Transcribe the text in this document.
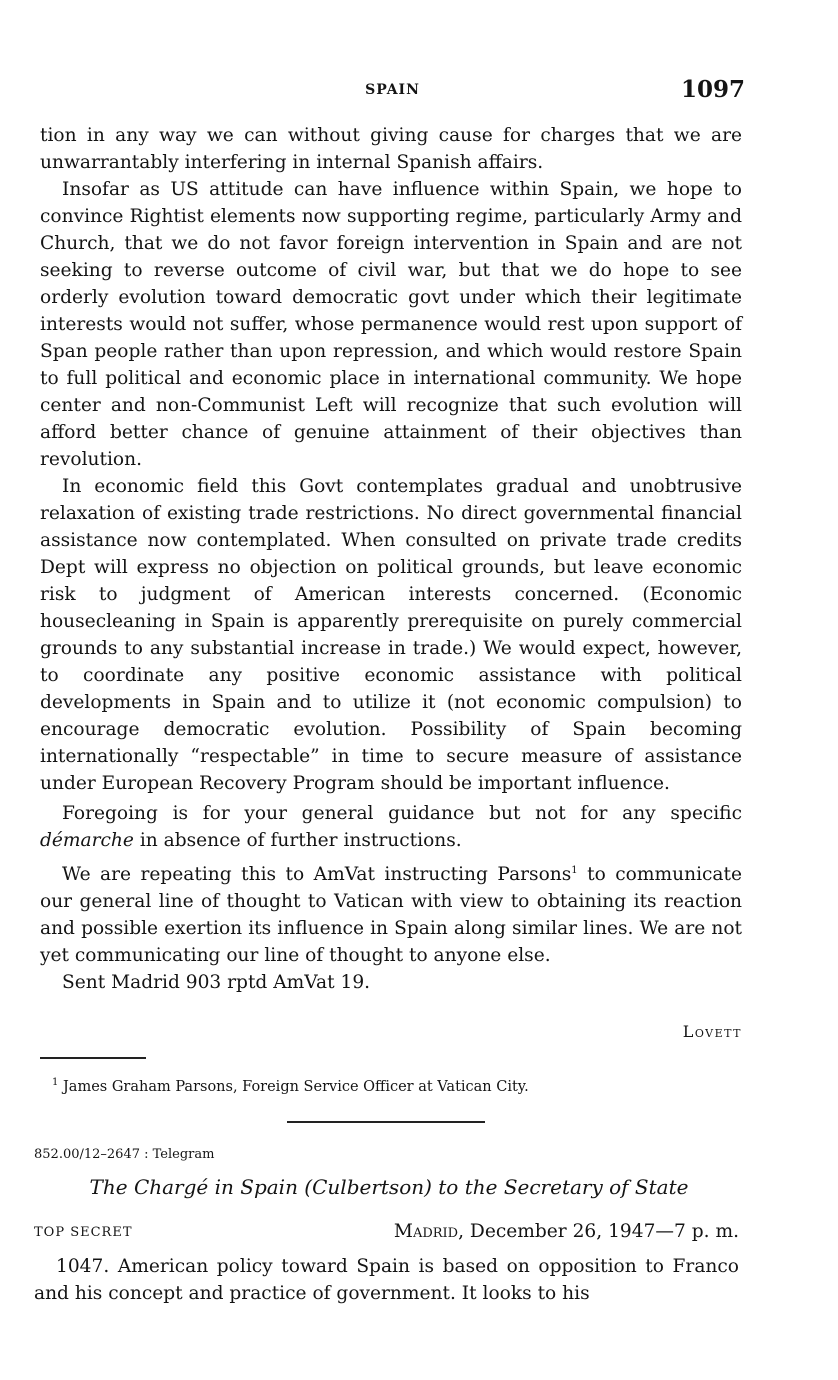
SPAIN	1097

tion in any way we can without giving cause for charges that we are unwarrantably interfering in internal Spanish affairs.

Insofar as US attitude can have influence within Spain, we hope to convince Rightist elements now supporting regime, particularly Army and Church, that we do not favor foreign intervention in Spain and are not seeking to reverse outcome of civil war, but that we do hope to see orderly evolution toward democratic govt under which their legitimate interests would not suffer, whose permanence would rest upon support of Span people rather than upon repression, and which would restore Spain to full political and economic place in international community. We hope center and non-Communist Left will recognize that such evolution will afford better chance of genuine attainment of their objectives than revolution.

In economic field this Govt contemplates gradual and unobtrusive relaxation of existing trade restrictions. No direct governmental financial assistance now contemplated. When consulted on private trade credits Dept will express no objection on political grounds, but leave economic risk to judgment of American interests concerned. (Economic housecleaning in Spain is apparently prerequisite on purely commercial grounds to any substantial increase in trade.) We would expect, however, to coordinate any positive economic assistance with political developments in Spain and to utilize it (not economic compulsion) to encourage democratic evolution. Possibility of Spain becoming internationally “respectable” in time to secure measure of assistance under European Recovery Program should be important influence.

Foregoing is for your general guidance but not for any specific démarche in absence of further instructions.

We are repeating this to AmVat instructing Parsons$^1$ to communicate our general line of thought to Vatican with view to obtaining its reaction and possible exertion its influence in Spain along similar lines. We are not yet communicating our line of thought to anyone else.

Sent Madrid 903 rptd AmVat 19.

Lovett
$^1$ James Graham Parsons, Foreign Service Officer at Vatican City.
852.00/12–2647 : Telegram
The Chargé in Spain (Culbertson) to the Secretary of State
TOP SECRET	Madrid, December 26, 1947—7 p. m.

1047. American policy toward Spain is based on opposition to Franco and his concept and practice of government. It looks to his
